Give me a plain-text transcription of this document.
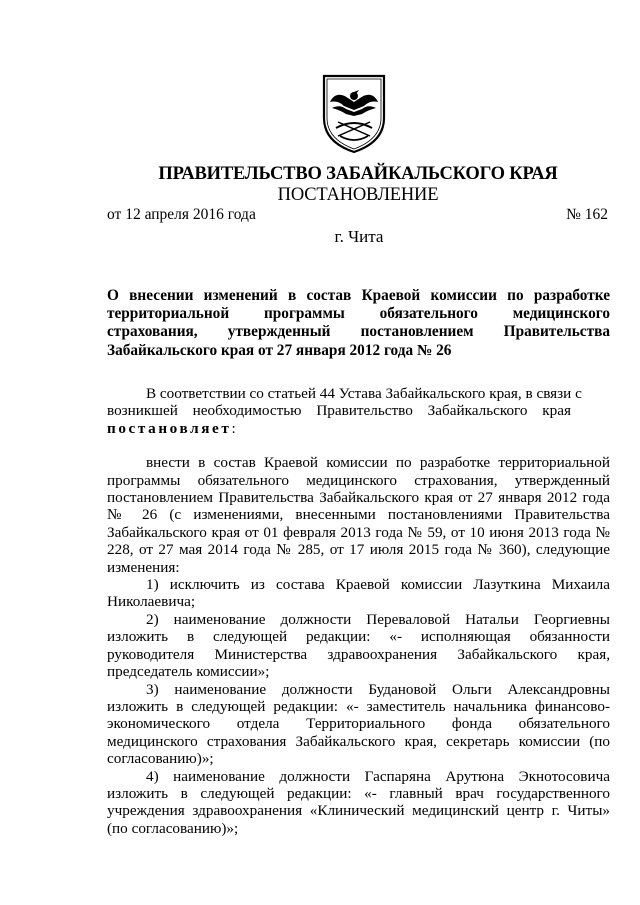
ПРАВИТЕЛЬСТВО ЗАБАЙКАЛЬСКОГО КРАЯ
ПОСТАНОВЛЕНИЕ
от 12 апреля 2016 года	№ 162
г. Чита
О внесении изменений в состав Краевой комиссии по разработке территориальной программы обязательного медицинского страхования, утвержденный постановлением Правительства Забайкальского края от 27 января 2012 года № 26

В соответствии со статьей 44 Устава Забайкальского края, в связи с

возникшей необходимостью Правительство Забайкальского края

постановляет:

внести в состав Краевой комиссии по разработке территориальной программы обязательного медицинского страхования, утвержденный постановлением Правительства Забайкальского края от 27 января 2012 года № 26 (с изменениями, внесенными постановлениями Правительства Забайкальского края от 01 февраля 2013 года № 59, от 10 июня 2013 года № 228, от 27 мая 2014 года № 285, от 17 июля 2015 года № 360), следующие изменения:

1) исключить из состава Краевой комиссии Лазуткина Михаила Николаевича;

2) наименование должности Переваловой Натальи Георгиевны изложить в следующей редакции: «- исполняющая обязанности руководителя Министерства здравоохранения Забайкальского края, председатель комиссии»;

3) наименование должности Будановой Ольги Александровны изложить в следующей редакции: «- заместитель начальника финансово-экономического отдела Территориального фонда обязательного медицинского страхования Забайкальского края, секретарь комиссии (по согласованию)»;

4) наименование должности Гаспаряна Арутюна Экнотосовича изложить в следующей редакции: «- главный врач государственного учреждения здравоохранения «Клинический медицинский центр г. Читы» (по согласованию)»;
